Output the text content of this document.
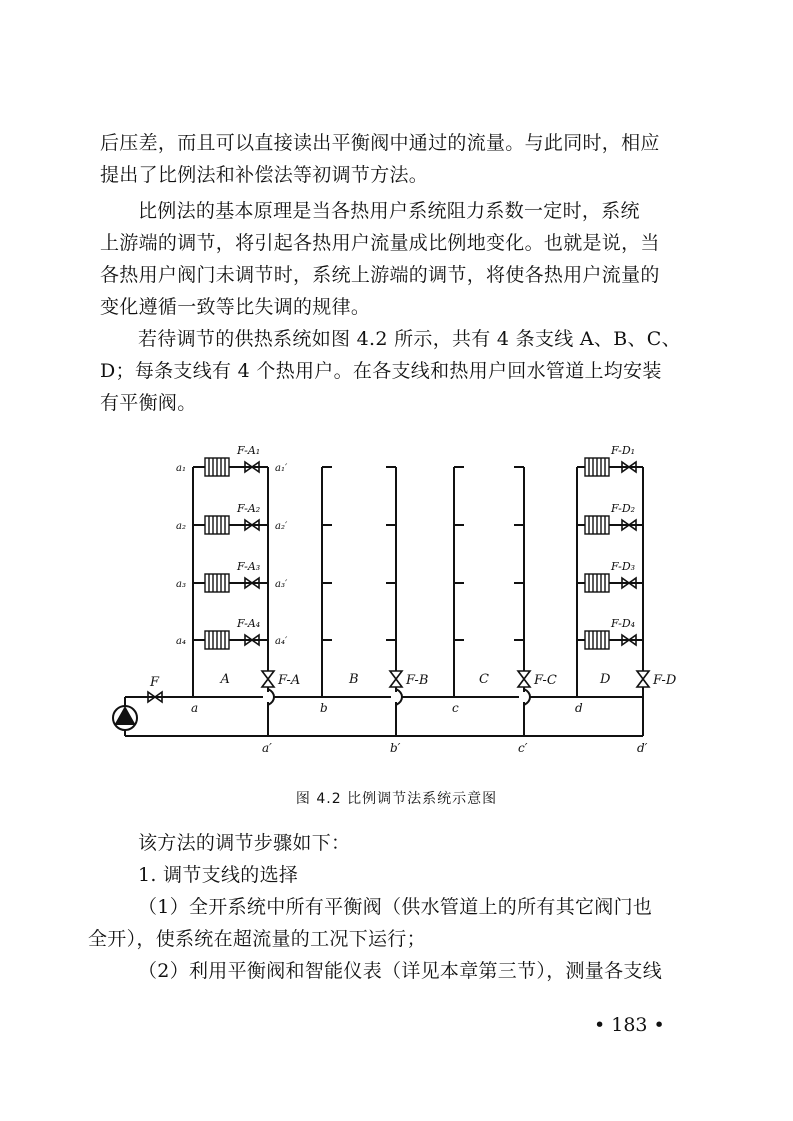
后压差，而且可以直接读出平衡阀中通过的流量。与此同时，相应
提出了比例法和补偿法等初调节方法。
比例法的基本原理是当各热用户系统阻力系数一定时，系统
上游端的调节，将引起各热用户流量成比例地变化。也就是说，当
各热用户阀门未调节时，系统上游端的调节，将使各热用户流量的
变化遵循一致等比失调的规律。
若待调节的供热系统如图 4.2 所示，共有 4 条支线 A、B、C、
D；每条支线有 4 个热用户。在各支线和热用户回水管道上均安装
有平衡阀。
F	F-A
A
a
a′
F-B
B
b
b′
F-C
C
c
c′
F-D
D
d
d′
F-A₁
a₁	a₁′
F-D₁
F-A₂
a₂	a₂′
F-D₂
F-A₃
a₃	a₃′
F-D₃
F-A₄
a₄	a₄′
F-D₄
图 4.2 比例调节法系统示意图
该方法的调节步骤如下：
1. 调节支线的选择
（1）全开系统中所有平衡阀（供水管道上的所有其它阀门也
全开），使系统在超流量的工况下运行；
（2）利用平衡阀和智能仪表（详见本章第三节），测量各支线
• 183 •
